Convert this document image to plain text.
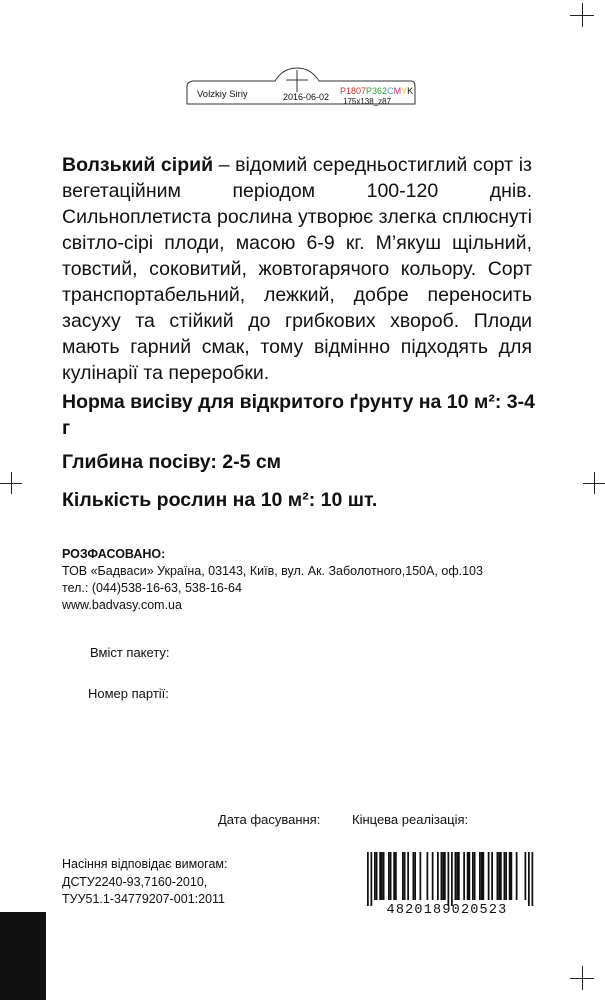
Volzkiy Siriy	2016-06-02
P1807P362CMYK
175x138_z87
Волзький сірий – відомий середньостиглий сорт із вегетаційним періодом 100-120 днів. Сильноплетиста рослина утворює злегка сплюснуті світло-сірі плоди, масою 6-9 кг. М’якуш щільний, товстий, соковитий, жовтогарячого кольору. Сорт транспортабельний, лежкий, добре переносить засуху та стійкий до грибкових хвороб. Плоди мають гарний смак, тому відмінно підходять для кулінарії та переробки.
Норма висіву для відкритого ґрунту на 10 м²: 3-4 г
Глибина посіву: 2-5 см
Кількість рослин на 10 м²: 10 шт.
РОЗФАСОВАНО:
ТОВ «Бадваси» Україна, 03143, Київ, вул. Ак. Заболотного,150А, оф.103
тел.: (044)538-16-63, 538-16-64
www.badvasy.com.ua
Вміст пакету:
Номер партії:
Дата фасування: Кінцева реалізація:
Насіння відповідає вимогам:
ДСТУ2240-93,7160-2010,
ТУУ51.1-34779207-001:2011
4820189020523
